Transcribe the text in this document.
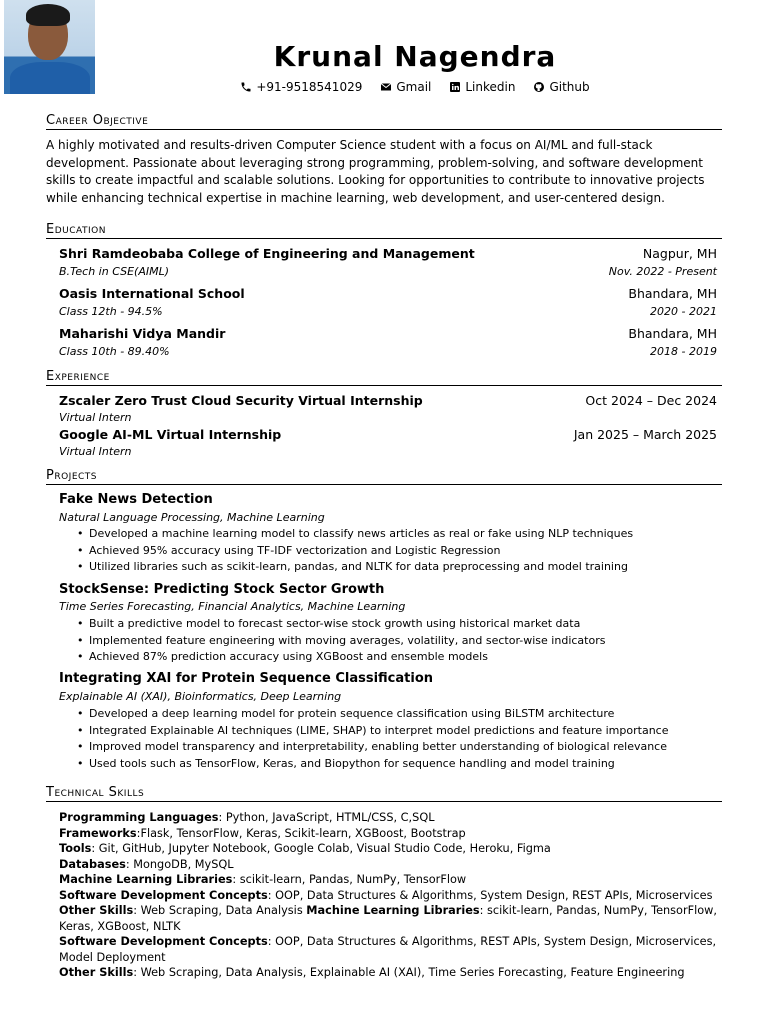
Krunal Nagendra
+91-9518541029	Gmail	Linkedin	Github
Career Objective
A highly motivated and results-driven Computer Science student with a focus on AI/ML and full-stack development. Passionate about leveraging strong programming, problem-solving, and software development skills to create impactful and scalable solutions. Looking for opportunities to contribute to innovative projects while enhancing technical expertise in machine learning, web development, and user-centered design.
Education
Shri Ramdeobaba College of Engineering and Management	Nagpur, MH
B.Tech in CSE(AIML)	Nov. 2022 - Present
Oasis International School	Bhandara, MH
Class 12th - 94.5%	2020 - 2021
Maharishi Vidya Mandir	Bhandara, MH
Class 10th - 89.40%	2018 - 2019
Experience
Zscaler Zero Trust Cloud Security Virtual Internship	Oct 2024 – Dec 2024
Virtual Intern
Google AI-ML Virtual Internship	Jan 2025 – March 2025
Virtual Intern
Projects
Fake News Detection
Natural Language Processing, Machine Learning
• Developed a machine learning model to classify news articles as real or fake using NLP techniques
• Achieved 95% accuracy using TF-IDF vectorization and Logistic Regression
• Utilized libraries such as scikit-learn, pandas, and NLTK for data preprocessing and model training
StockSense: Predicting Stock Sector Growth
Time Series Forecasting, Financial Analytics, Machine Learning
• Built a predictive model to forecast sector-wise stock growth using historical market data
• Implemented feature engineering with moving averages, volatility, and sector-wise indicators
• Achieved 87% prediction accuracy using XGBoost and ensemble models
Integrating XAI for Protein Sequence Classification
Explainable AI (XAI), Bioinformatics, Deep Learning
• Developed a deep learning model for protein sequence classification using BiLSTM architecture
• Integrated Explainable AI techniques (LIME, SHAP) to interpret model predictions and feature importance
• Improved model transparency and interpretability, enabling better understanding of biological relevance
• Used tools such as TensorFlow, Keras, and Biopython for sequence handling and model training
Technical Skills
Programming Languages: Python, JavaScript, HTML/CSS, C,SQL
Frameworks:Flask, TensorFlow, Keras, Scikit-learn, XGBoost, Bootstrap
Tools: Git, GitHub, Jupyter Notebook, Google Colab, Visual Studio Code, Heroku, Figma
Databases: MongoDB, MySQL
Machine Learning Libraries: scikit-learn, Pandas, NumPy, TensorFlow
Software Development Concepts: OOP, Data Structures & Algorithms, System Design, REST APIs, Microservices
Other Skills: Web Scraping, Data Analysis Machine Learning Libraries: scikit-learn, Pandas, NumPy, TensorFlow, Keras, XGBoost, NLTK
Software Development Concepts: OOP, Data Structures & Algorithms, REST APIs, System Design, Microservices, Model Deployment
Other Skills: Web Scraping, Data Analysis, Explainable AI (XAI), Time Series Forecasting, Feature Engineering
